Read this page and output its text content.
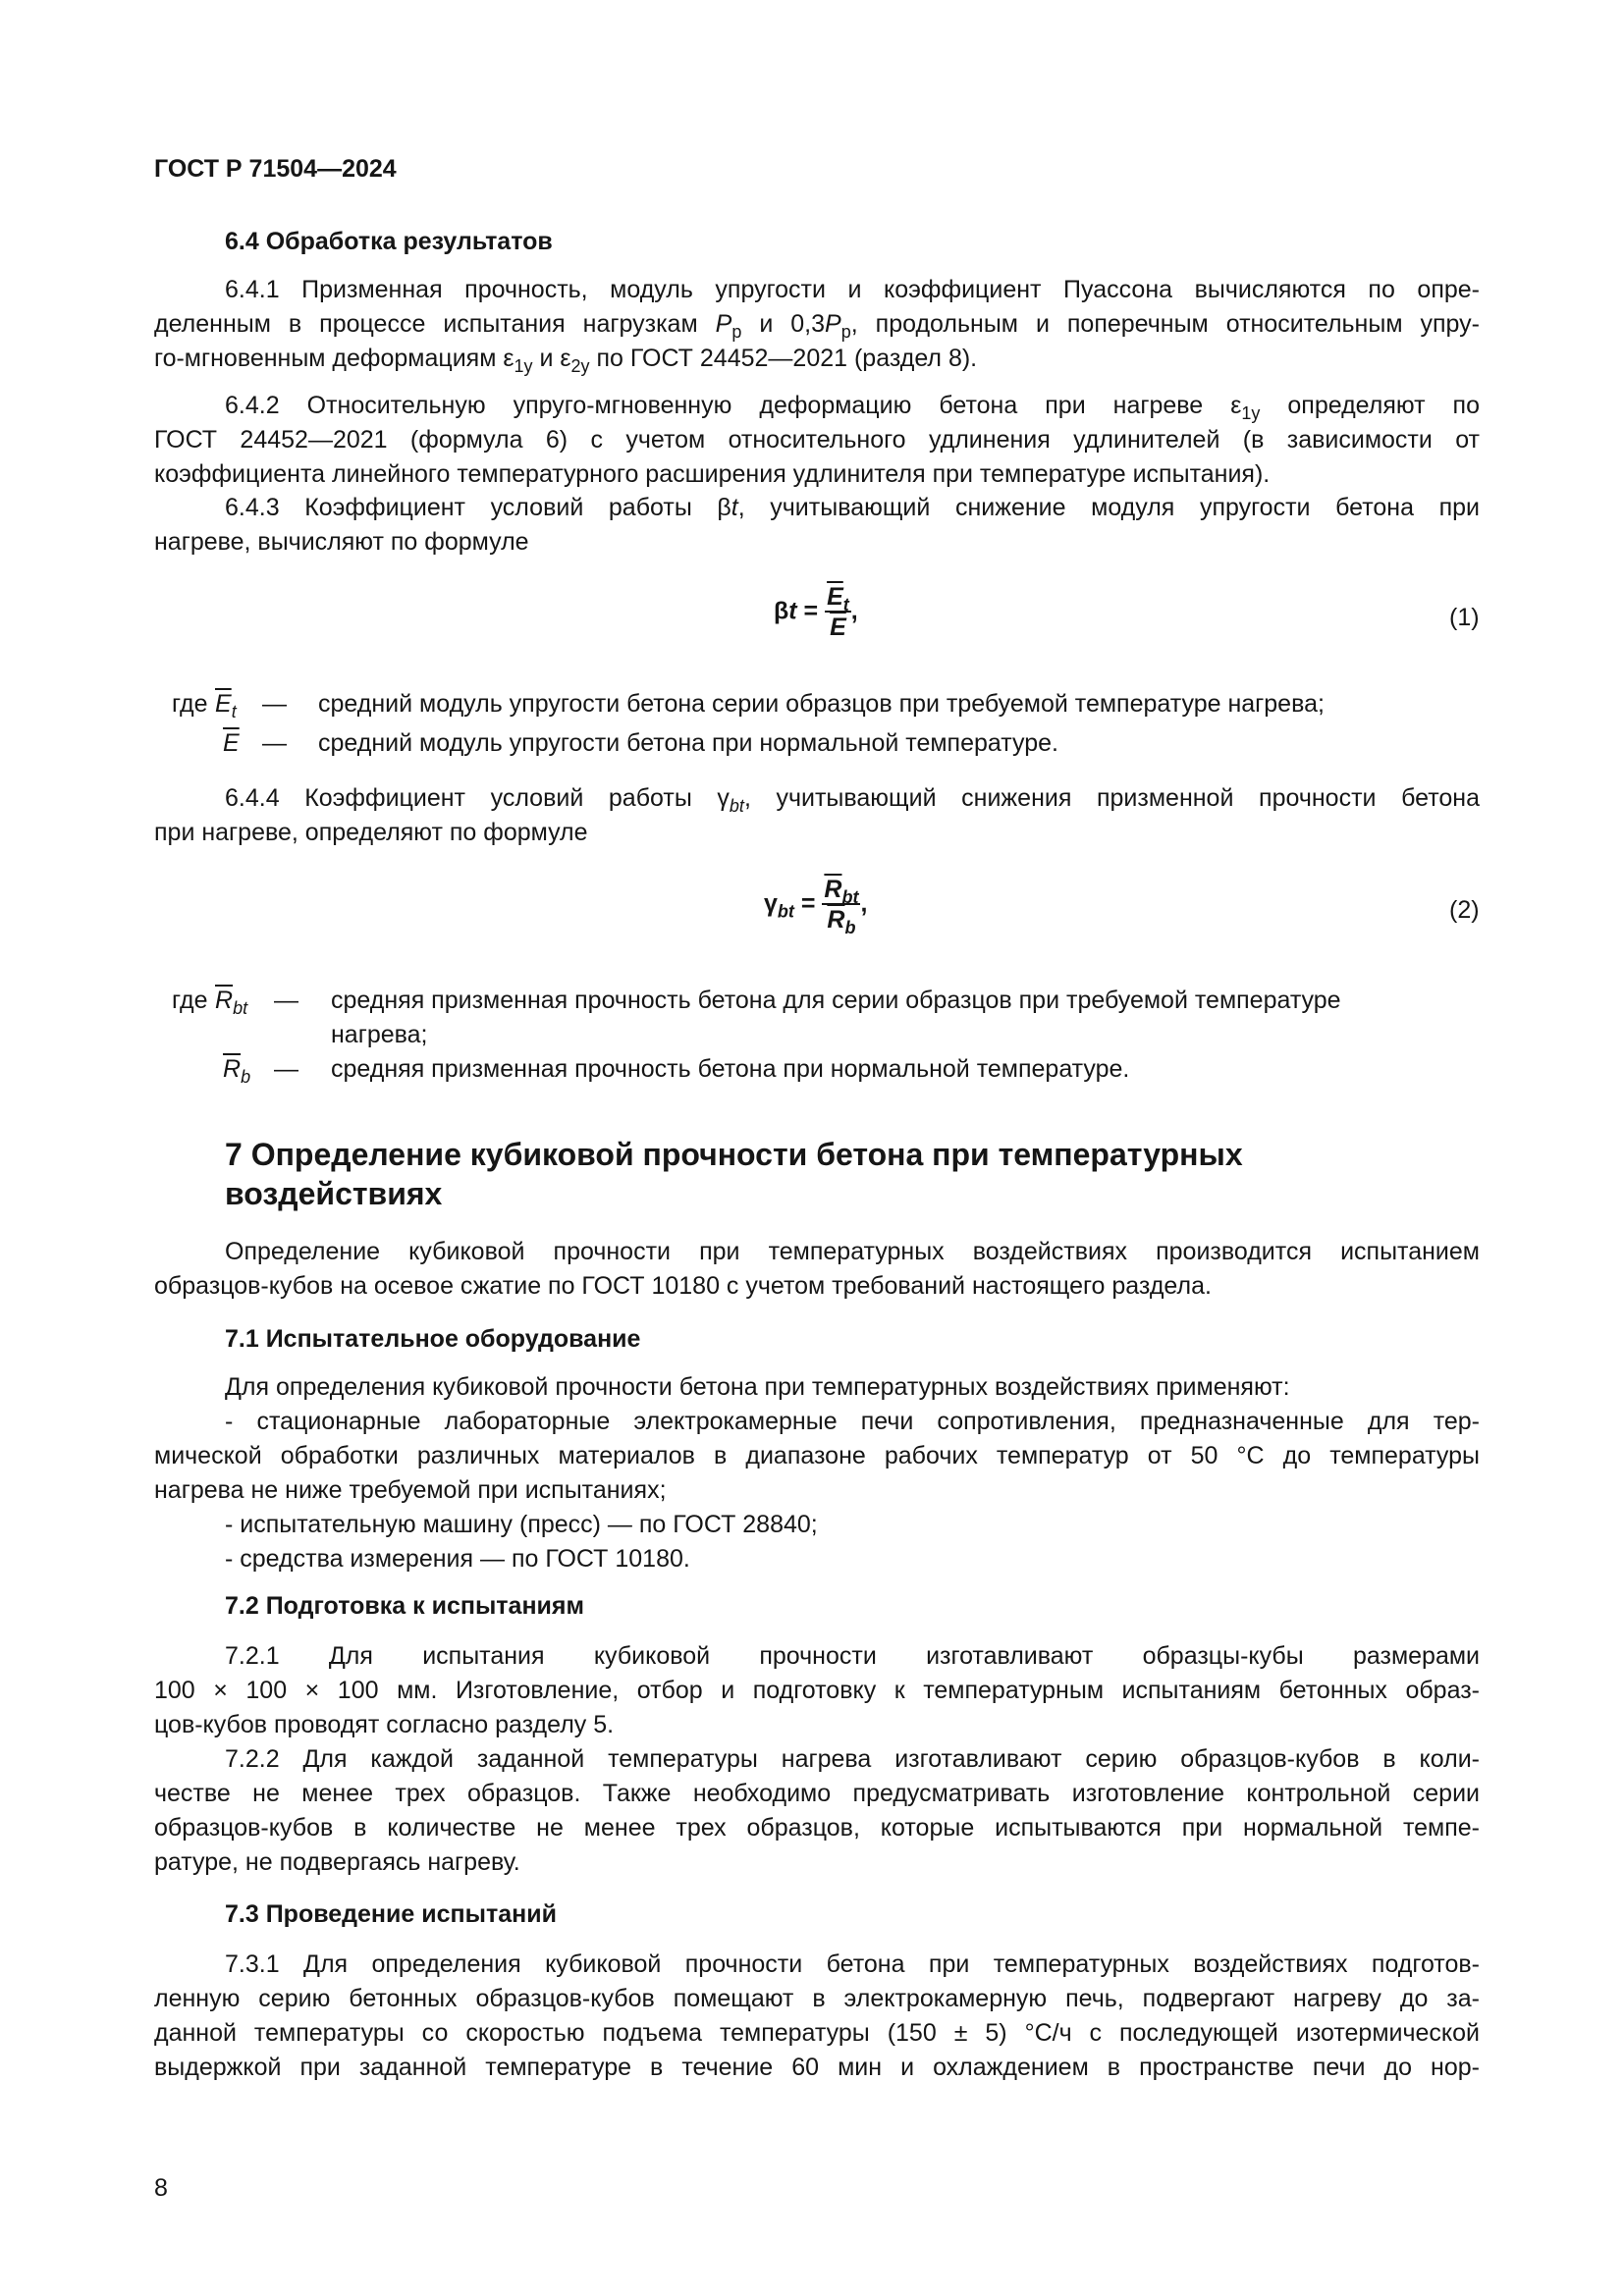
ГОСТ Р 71504—2024
6.4 Обработка результатов
6.4.1 Призменная прочность, модуль упругости и коэффициент Пуассона вычисляются по опре-
деленным в процессе испытания нагрузкам $P_p$ и $0,3P_p$, продольным и поперечным относительным упру-
го-мгновенным деформациям $\varepsilon_{1y}$ и $\varepsilon_{2y}$ по ГОСТ 24452—2021 (раздел 8).
6.4.2 Относительную упруго-мгновенную деформацию бетона при нагреве $\varepsilon_{1y}$ определяют по
ГОСТ 24452—2021 (формула 6) с учетом относительного удлинения удлинителей (в зависимости от
коэффициента линейного температурного расширения удлинителя при температуре испытания).
6.4.3 Коэффициент условий работы βt, учитывающий снижение модуля упругости бетона при
нагреве, вычисляют по формуле
$\beta t = \frac{\overline{E}_t}{E}$ ,	(1)
где $\overline{E}_t$ — средний модуль упругости бетона серии образцов при требуемой температуре нагрева;
$\overline{E}$ — средний модуль упругости бетона при нормальной температуре.
6.4.4 Коэффициент условий работы $\gamma_{bt}$, учитывающий снижения призменной прочности бетона
при нагреве, определяют по формуле
$\gamma_{bt} = \frac{\overline{R}_{bt}}{\overline{R}_b}$ ,	(2)
где $\overline{R}_{bt}$ — средняя призменная прочность бетона для серии образцов при требуемой температуре
нагрева;
$\overline{R}_b$ — средняя призменная прочность бетона при нормальной температуре.
7 Определение кубиковой прочности бетона при температурных
воздействиях
Определение кубиковой прочности при температурных воздействиях производится испытанием
образцов-кубов на осевое сжатие по ГОСТ 10180 с учетом требований настоящего раздела.
7.1 Испытательное оборудование
Для определения кубиковой прочности бетона при температурных воздействиях применяют:
- стационарные лабораторные электрокамерные печи сопротивления, предназначенные для тер-
мической обработки различных материалов в диапазоне рабочих температур от 50 °С до температуры
нагрева не ниже требуемой при испытаниях;
- испытательную машину (пресс) — по ГОСТ 28840;
- средства измерения — по ГОСТ 10180.
7.2 Подготовка к испытаниям
7.2.1 Для испытания кубиковой прочности изготавливают образцы-кубы размерами
100 × 100 × 100 мм. Изготовление, отбор и подготовку к температурным испытаниям бетонных образ-
цов-кубов проводят согласно разделу 5.
7.2.2 Для каждой заданной температуры нагрева изготавливают серию образцов-кубов в коли-
честве не менее трех образцов. Также необходимо предусматривать изготовление контрольной серии
образцов-кубов в количестве не менее трех образцов, которые испытываются при нормальной темпе-
ратуре, не подвергаясь нагреву.
7.3 Проведение испытаний
7.3.1 Для определения кубиковой прочности бетона при температурных воздействиях подготов-
ленную серию бетонных образцов-кубов помещают в электрокамерную печь, подвергают нагреву до за-
данной температуры со скоростью подъема температуры (150 ± 5) °С/ч с последующей изотермической
выдержкой при заданной температуре в течение 60 мин и охлаждением в пространстве печи до нор-
8
